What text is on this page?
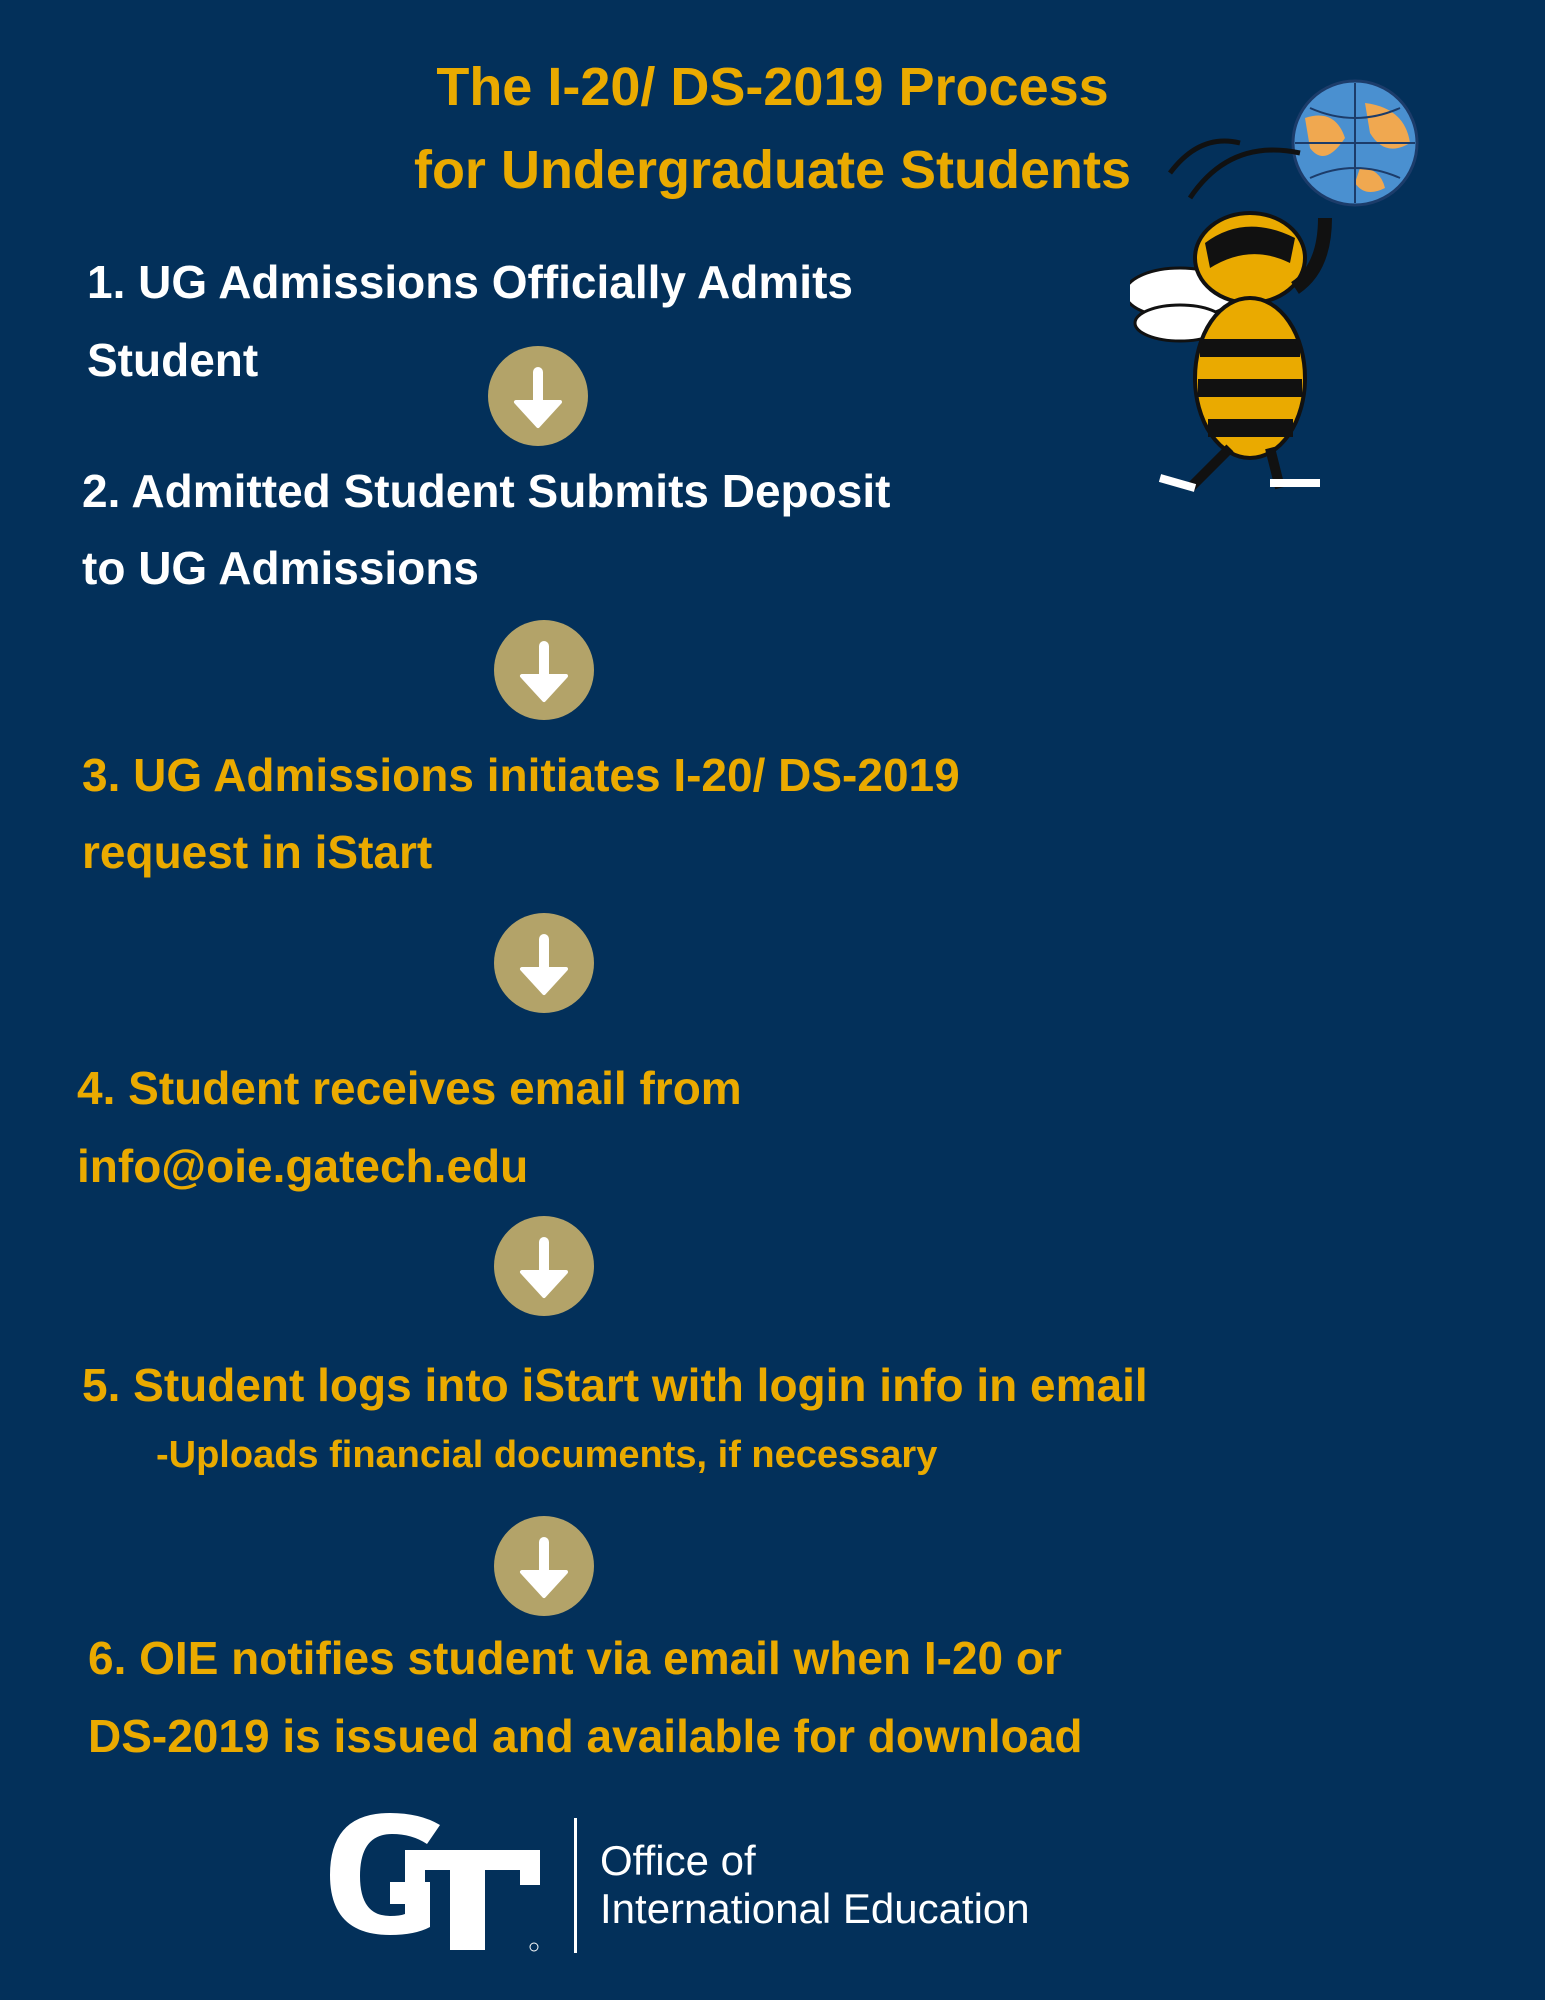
The I-20/ DS-2019 Process
for Undergraduate Students
1. UG Admissions Officially Admits
Student
2. Admitted Student Submits Deposit
to UG Admissions
3. UG Admissions initiates I-20/ DS-2019
request in iStart
4. Student receives email from
info@oie.gatech.edu
5. Student logs into iStart with login info in email
-Uploads financial documents, if necessary
6. OIE notifies student via email when I-20 or
DS-2019 is issued and available for download
Office of
International Education
